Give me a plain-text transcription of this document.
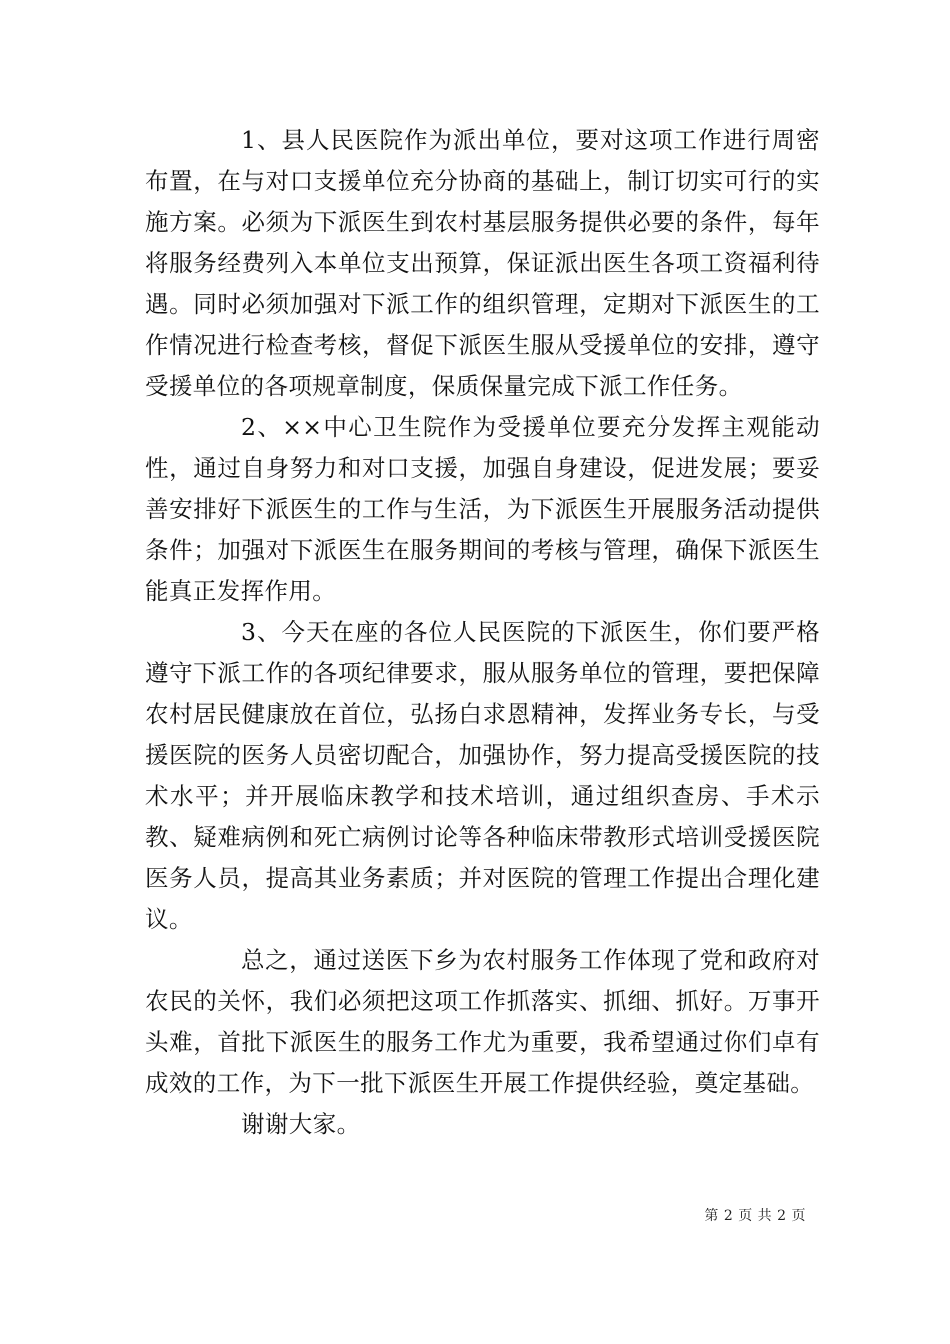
1、县人民医院作为派出单位，要对这项工作进行周密布置，在与对口支援单位充分协商的基础上，制订切实可行的实施方案。必须为下派医生到农村基层服务提供必要的条件，每年将服务经费列入本单位支出预算，保证派出医生各项工资福利待遇。同时必须加强对下派工作的组织管理，定期对下派医生的工作情况进行检查考核，督促下派医生服从受援单位的安排，遵守受援单位的各项规章制度，保质保量完成下派工作任务。

2、××中心卫生院作为受援单位要充分发挥主观能动性，通过自身努力和对口支援，加强自身建设，促进发展；要妥善安排好下派医生的工作与生活，为下派医生开展服务活动提供条件；加强对下派医生在服务期间的考核与管理，确保下派医生能真正发挥作用。

3、今天在座的各位人民医院的下派医生，你们要严格遵守下派工作的各项纪律要求，服从服务单位的管理，要把保障农村居民健康放在首位，弘扬白求恩精神，发挥业务专长，与受援医院的医务人员密切配合，加强协作，努力提高受援医院的技术水平；并开展临床教学和技术培训，通过组织查房、手术示教、疑难病例和死亡病例讨论等各种临床带教形式培训受援医院医务人员，提高其业务素质；并对医院的管理工作提出合理化建议。

总之，通过送医下乡为农村服务工作体现了党和政府对农民的关怀，我们必须把这项工作抓落实、抓细、抓好。万事开头难，首批下派医生的服务工作尤为重要，我希望通过你们卓有成效的工作，为下一批下派医生开展工作提供经验，奠定基础。

谢谢大家。

第 2 页 共 2 页
